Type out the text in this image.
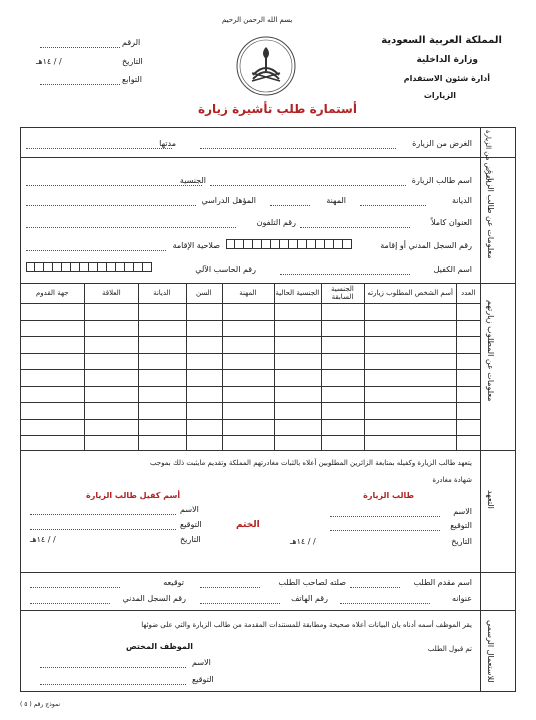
بسم الله الرحمن الرحيم
المملكة العربية السعودية
وزارة الداخلية
أدارة شئون الاستقدام
الزيارات
الرقم
التاريخ
/ / ١٤هـ
التوابع
أستمارة طلب تأشيرة زيارة
الغرض من الزيارة
معلومات عن طالب الزيارة
معلومات عن المطلوب زيارتهم
التعهد
للاستعمال الرسمي
الغرض من الزيارة
مدتها
اسم طالب الزيارة
الجنسية
الديانة
المهنة
المؤهل الدراسي
العنوان كاملاً
رقم التلفون
رقم السجل المدني أو إقامة
صلاحية الإقامة
اسم الكفيل
رقم الحاسب الآلي
العدد
أسم الشخص المطلوب زيارته
الجنسية السابقة
الجنسية الحالية
المهنة
السن
الديانة
العلاقة
جهة القدوم
يتعهد طالب الزيارة وكفيله بمتابعة الزائرين المطلوبين أعلاه بالثبات مغادرتهم المملكة وتقديم مايثبت ذلك بموجب
شهادة مغادرة
طالب الزيارة
أسم كفيل طالب الزيارة
الاسم
التوقيع
التاريخ
/ / ١٤هـ
الختم
الاسم
التوقيع
التاريخ
/ / ١٤هـ
اسم مقدم الطلب
صلته لصاحب الطلب
توقيعه
عنوانه
رقم الهاتف
رقم السجل المدني
يقر الموظف أسمه أدناه بان البيانات أعلاه صحيحة ومطابقة للمستندات المقدمة من طالب الزيارة والتي على ضوئها
تم قبول الطلب
الموظف المختص
الاسم
التوقيع
نموذج رقم ( ٥ )
